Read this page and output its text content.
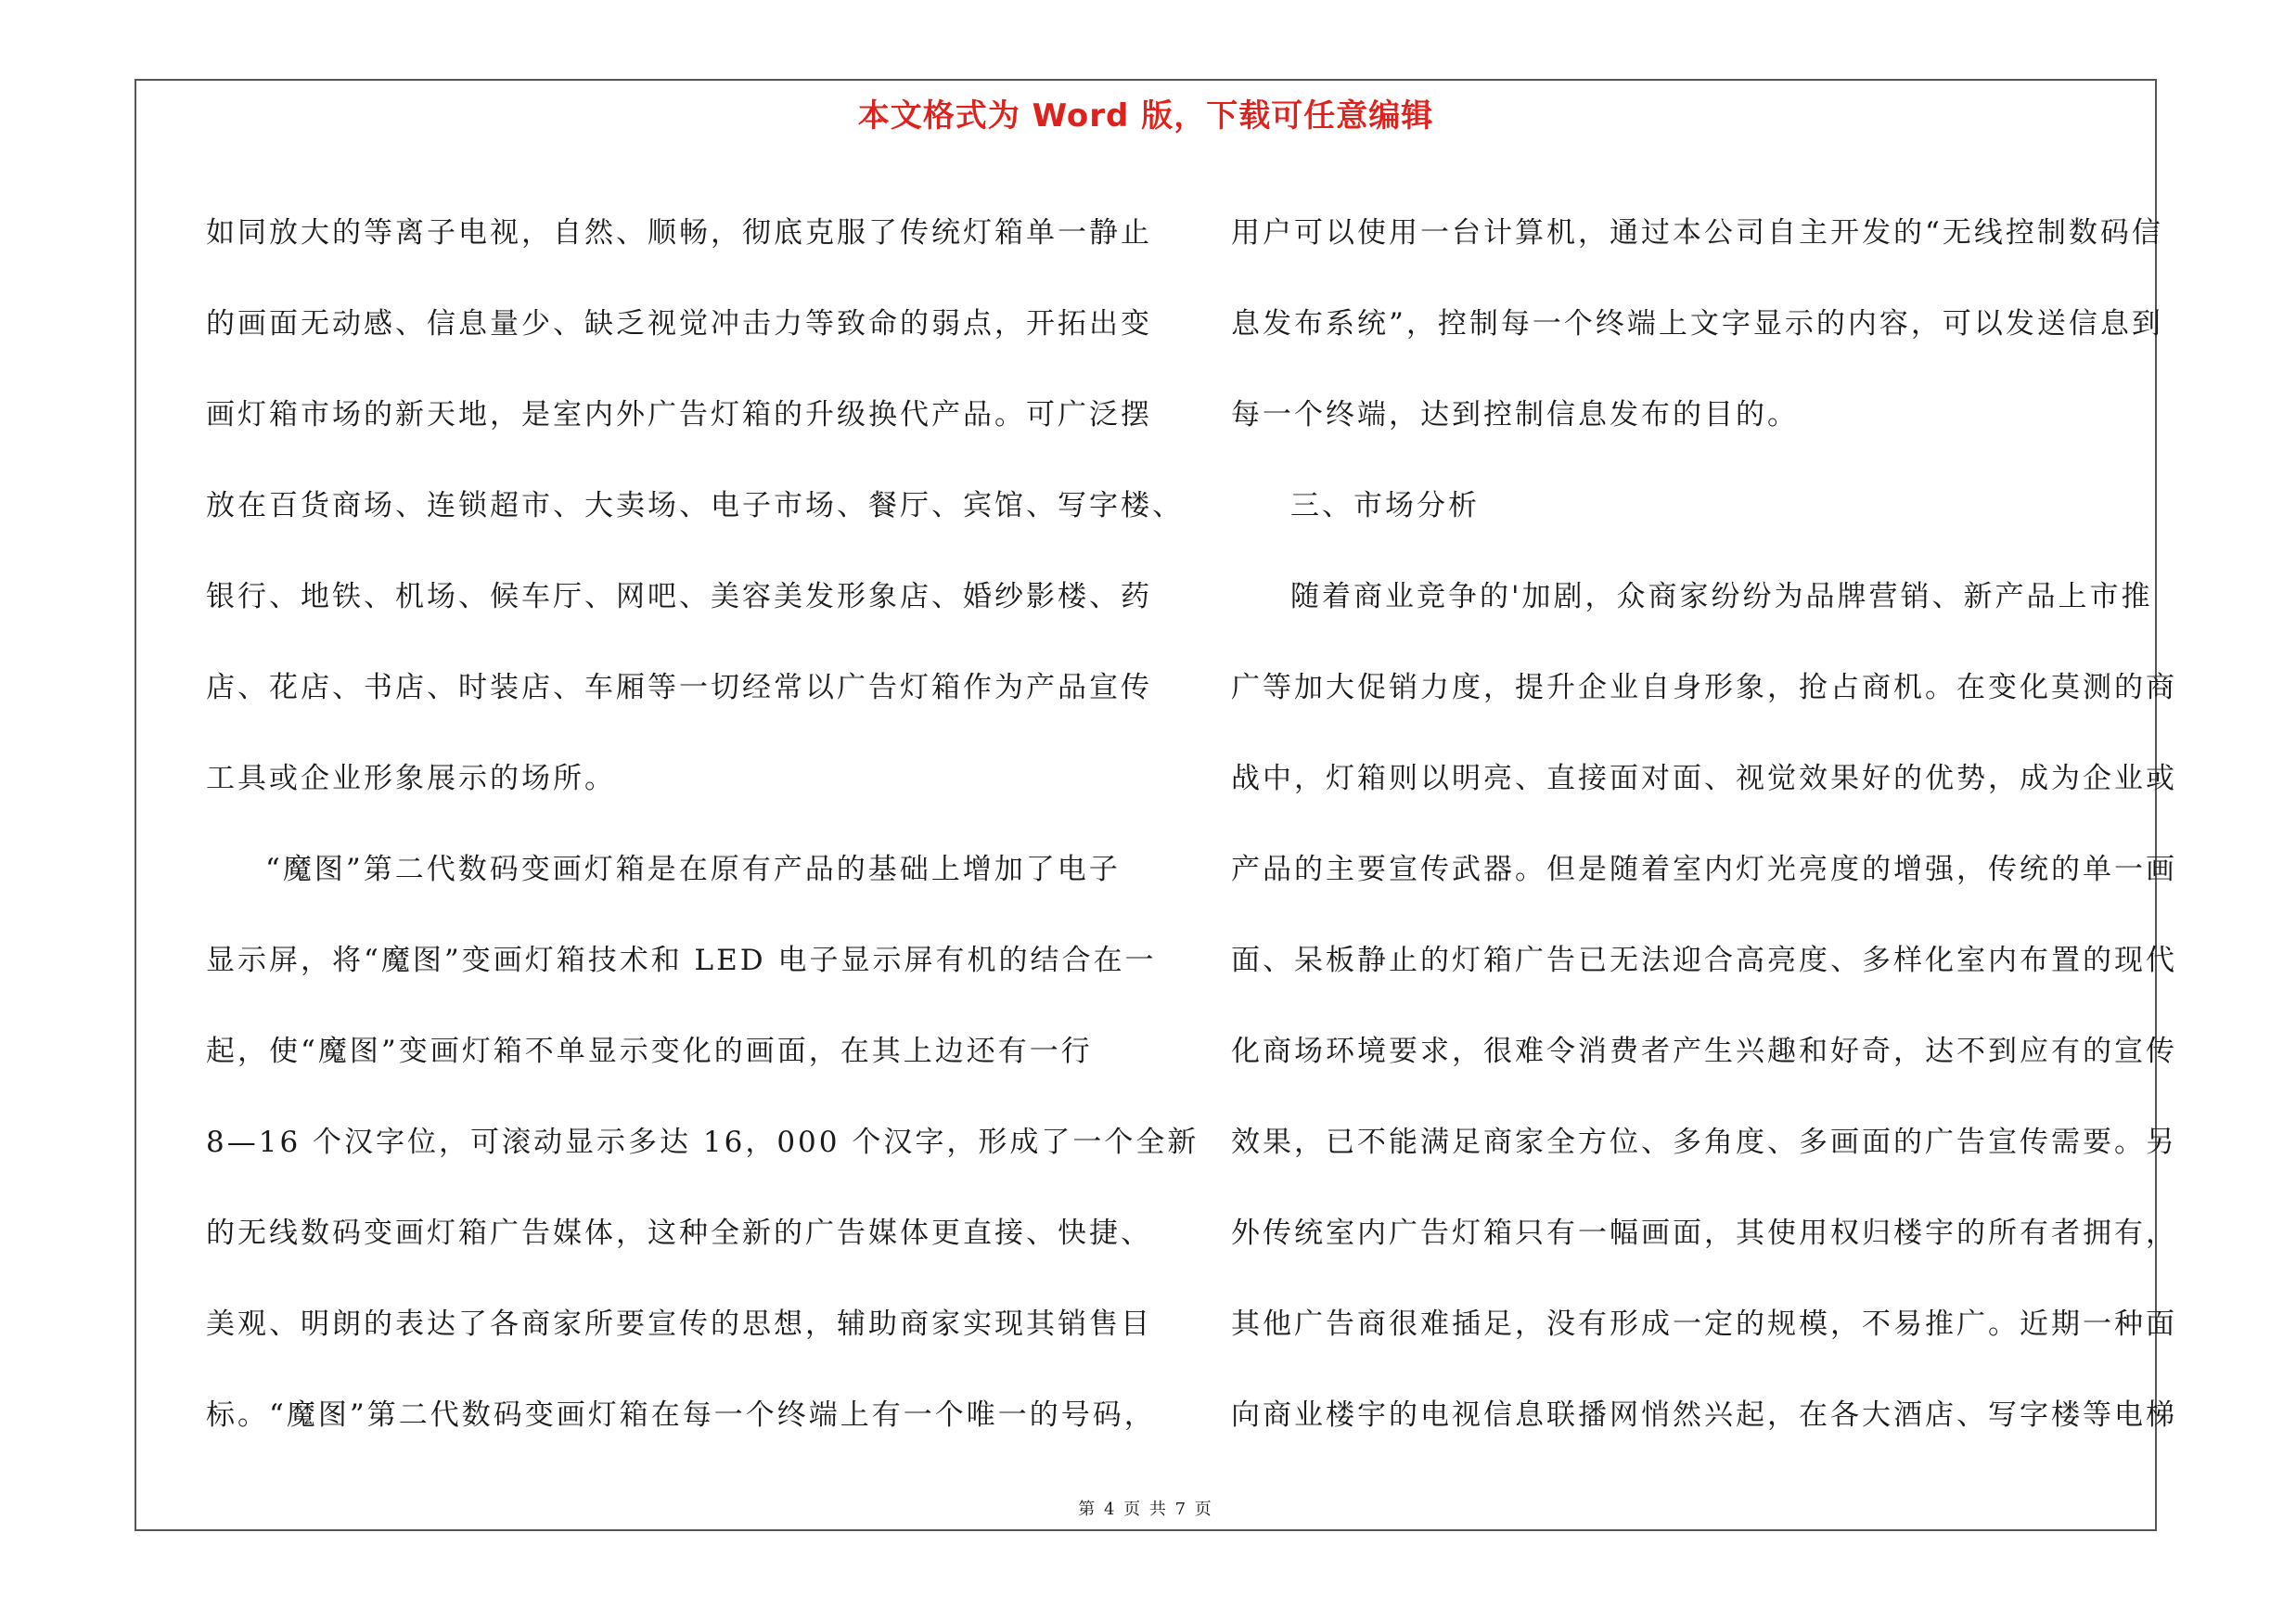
本文格式为 Word 版，下载可任意编辑
如同放大的等离子电视，自然、顺畅，彻底克服了传统灯箱单一静止
的画面无动感、信息量少、缺乏视觉冲击力等致命的弱点，开拓出变
画灯箱市场的新天地，是室内外广告灯箱的升级换代产品。可广泛摆
放在百货商场、连锁超市、大卖场、电子市场、餐厅、宾馆、写字楼、
银行、地铁、机场、候车厅、网吧、美容美发形象店、婚纱影楼、药
店、花店、书店、时装店、车厢等一切经常以广告灯箱作为产品宣传
工具或企业形象展示的场所。
“魔图”第二代数码变画灯箱是在原有产品的基础上增加了电子
显示屏，将“魔图”变画灯箱技术和 LED 电子显示屏有机的结合在一
起，使“魔图”变画灯箱不单显示变化的画面，在其上边还有一行
8—16 个汉字位，可滚动显示多达 16，000 个汉字，形成了一个全新
的无线数码变画灯箱广告媒体，这种全新的广告媒体更直接、快捷、
美观、明朗的表达了各商家所要宣传的思想，辅助商家实现其销售目
标。“魔图”第二代数码变画灯箱在每一个终端上有一个唯一的号码，
用户可以使用一台计算机，通过本公司自主开发的“无线控制数码信
息发布系统”，控制每一个终端上文字显示的内容，可以发送信息到
每一个终端，达到控制信息发布的目的。
三、市场分析
随着商业竞争的'加剧，众商家纷纷为品牌营销、新产品上市推
广等加大促销力度，提升企业自身形象，抢占商机。在变化莫测的商
战中，灯箱则以明亮、直接面对面、视觉效果好的优势，成为企业或
产品的主要宣传武器。但是随着室内灯光亮度的增强，传统的单一画
面、呆板静止的灯箱广告已无法迎合高亮度、多样化室内布置的现代
化商场环境要求，很难令消费者产生兴趣和好奇，达不到应有的宣传
效果，已不能满足商家全方位、多角度、多画面的广告宣传需要。另
外传统室内广告灯箱只有一幅画面，其使用权归楼宇的所有者拥有，
其他广告商很难插足，没有形成一定的规模，不易推广。近期一种面
向商业楼宇的电视信息联播网悄然兴起，在各大酒店、写字楼等电梯
第 4 页 共 7 页
